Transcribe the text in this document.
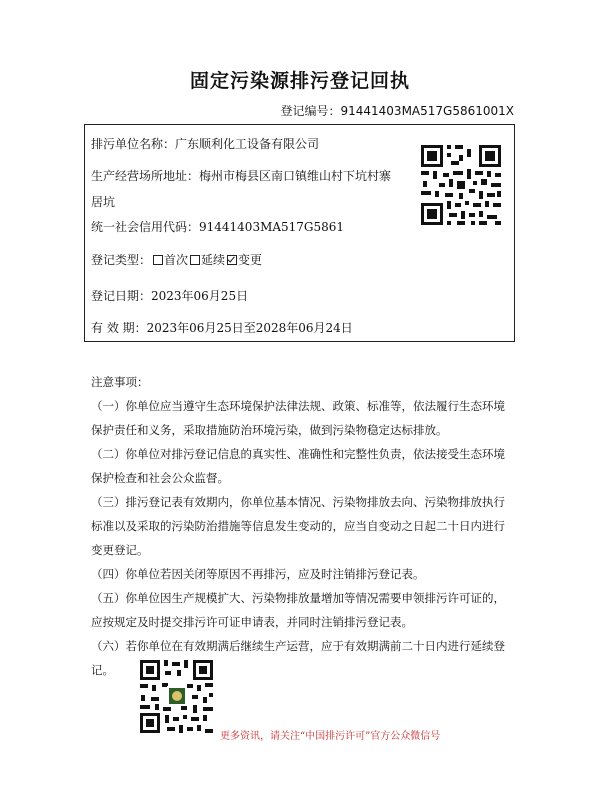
固定污染源排污登记回执
登记编号：91441403MA517G5861001X
排污单位名称：广东顺利化工设备有限公司
生产经营场所地址：梅州市梅县区南口镇维山村下坑村寨
居坑
统一社会信用代码：91441403MA517G5861
登记类型： 首次 延续 变更
登记日期：2023年06月25日
有 效 期：2023年06月25日至2028年06月24日

注意事项：

（一）你单位应当遵守生态环境保护法律法规、政策、标准等，依法履行生态环境保护责任和义务，采取措施防治环境污染，做到污染物稳定达标排放。

（二）你单位对排污登记信息的真实性、准确性和完整性负责，依法接受生态环境保护检查和社会公众监督。

（三）排污登记表有效期内，你单位基本情况、污染物排放去向、污染物排放执行标准以及采取的污染防治措施等信息发生变动的，应当自变动之日起二十日内进行变更登记。

（四）你单位若因关闭等原因不再排污，应及时注销排污登记表。

（五）你单位因生产规模扩大、污染物排放量增加等情况需要申领排污许可证的，应按规定及时提交排污许可证申请表，并同时注销排污登记表。

（六）若你单位在有效期满后继续生产运营，应于有效期满前二十日内进行延续登记。

更多资讯，请关注“中国排污许可”官方公众微信号
